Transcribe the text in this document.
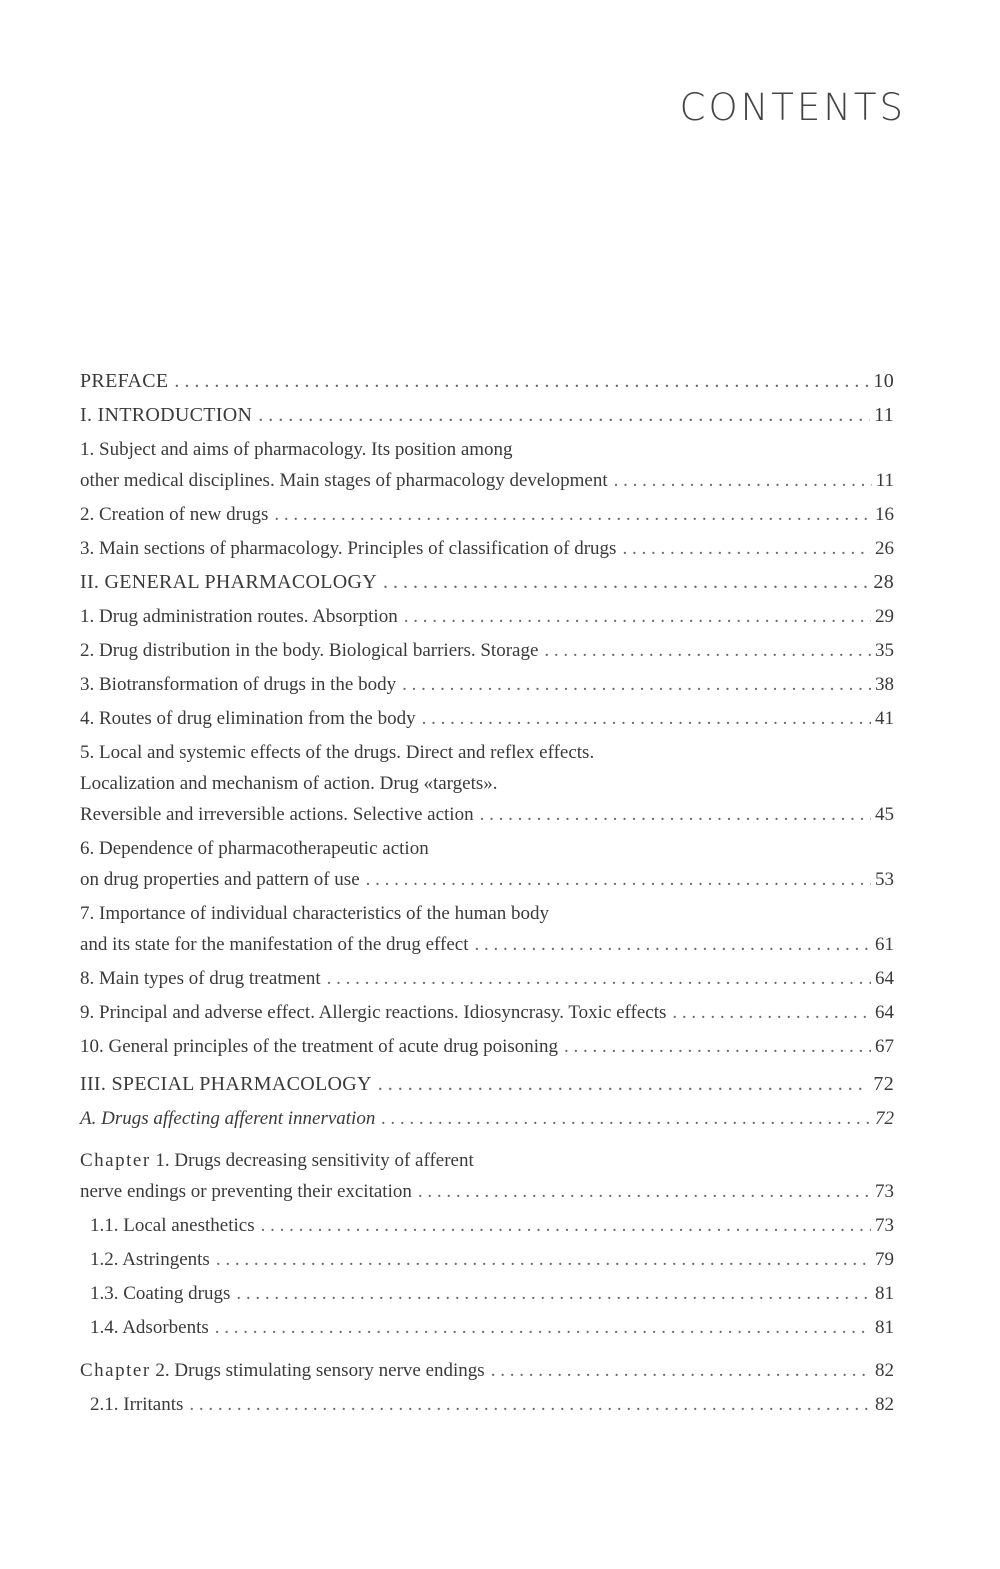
CONTENTS
PREFACE . . .	10
I. INTRODUCTION . . .	11
1. Subject and aims of pharmacology. Its position among
other medical disciplines. Main stages of pharmacology development . . .	11
2. Creation of new drugs . . .	16
3. Main sections of pharmacology. Principles of classification of drugs . . .	26
II. GENERAL PHARMACOLOGY . . .	28
1. Drug administration routes. Absorption . . .	29
2. Drug distribution in the body. Biological barriers. Storage . . .	35
3. Biotransformation of drugs in the body . . .	38
4. Routes of drug elimination from the body . . .	41
5. Local and systemic effects of the drugs. Direct and reflex effects.
Localization and mechanism of action. Drug «targets».
Reversible and irreversible actions. Selective action . . .	45
6. Dependence of pharmacotherapeutic action
on drug properties and pattern of use . . .	53
7. Importance of individual characteristics of the human body
and its state for the manifestation of the drug effect . . .	61
8. Main types of drug treatment . . .	64
9. Principal and adverse effect. Allergic reactions. Idiosyncrasy. Toxic effects . . .	64
10. General principles of the treatment of acute drug poisoning . . .	67
III. SPECIAL PHARMACOLOGY . . .	72
A. Drugs affecting afferent innervation . . .	72
Chapter 1. Drugs decreasing sensitivity of afferent
nerve endings or preventing their excitation . . .	73
1.1. Local anesthetics . . .	73
1.2. Astringents . . .	79
1.3. Coating drugs . . .	81
1.4. Adsorbents . . .	81
Chapter 2. Drugs stimulating sensory nerve endings . . .	82
2.1. Irritants . . .	82
